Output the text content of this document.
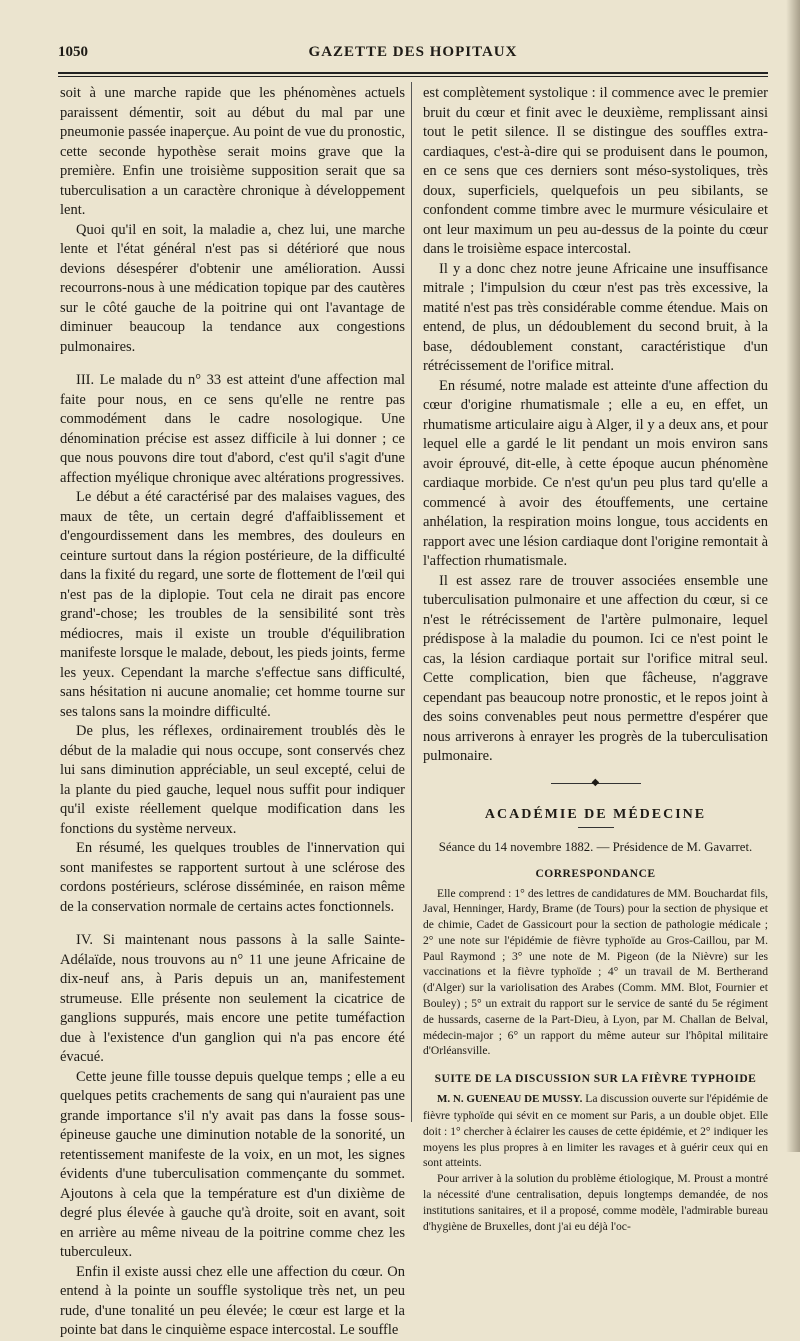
1050	GAZETTE DES HOPITAUX

soit à une marche rapide que les phénomènes actuels paraissent démentir, soit au début du mal par une pneumonie passée inaperçue. Au point de vue du pronostic, cette seconde hypothèse serait moins grave que la première. Enfin une troisième supposition serait que sa tuberculisation a un caractère chronique à développement lent.

Quoi qu'il en soit, la maladie a, chez lui, une marche lente et l'état général n'est pas si détérioré que nous devions désespérer d'obtenir une amélioration. Aussi recourrons-nous à une médication topique par des cautères sur le côté gauche de la poitrine qui ont l'avantage de diminuer beaucoup la tendance aux congestions pulmonaires.

III. Le malade du n° 33 est atteint d'une affection mal faite pour nous, en ce sens qu'elle ne rentre pas commodément dans le cadre nosologique. Une dénomination précise est assez difficile à lui donner ; ce que nous pouvons dire tout d'abord, c'est qu'il s'agit d'une affection myélique chronique avec altérations progressives.

Le début a été caractérisé par des malaises vagues, des maux de tête, un certain degré d'affaiblissement et d'engourdissement dans les membres, des douleurs en ceinture surtout dans la région postérieure, de la difficulté dans la fixité du regard, une sorte de flottement de l'œil qui n'est pas de la diplopie. Tout cela ne dirait pas encore grand'-chose; les troubles de la sensibilité sont très médiocres, mais il existe un trouble d'équilibration manifeste lorsque le malade, debout, les pieds joints, ferme les yeux. Cependant la marche s'effectue sans difficulté, sans hésitation ni aucune anomalie; cet homme tourne sur ses talons sans la moindre difficulté.

De plus, les réflexes, ordinairement troublés dès le début de la maladie qui nous occupe, sont conservés chez lui sans diminution appréciable, un seul excepté, celui de la plante du pied gauche, lequel nous suffit pour indiquer qu'il existe réellement quelque modification dans les fonctions du système nerveux.

En résumé, les quelques troubles de l'innervation qui sont manifestes se rapportent surtout à une sclérose des cordons postérieurs, sclérose disséminée, en raison même de la conservation normale de certains actes fonctionnels.

IV. Si maintenant nous passons à la salle Sainte-Adélaïde, nous trouvons au n° 11 une jeune Africaine de dix-neuf ans, à Paris depuis un an, manifestement strumeuse. Elle présente non seulement la cicatrice de ganglions suppurés, mais encore une petite tuméfaction due à l'existence d'un ganglion qui n'a pas encore été évacué.

Cette jeune fille tousse depuis quelque temps ; elle a eu quelques petits crachements de sang qui n'auraient pas une grande importance s'il n'y avait pas dans la fosse sous-épineuse gauche une diminution notable de la sonorité, un retentissement manifeste de la voix, en un mot, les signes évidents d'une tuberculisation commençante du sommet. Ajoutons à cela que la température est d'un dixième de degré plus élevée à gauche qu'à droite, soit en avant, soit en arrière au même niveau de la poitrine comme chez les tuberculeux.

Enfin il existe aussi chez elle une affection du cœur. On entend à la pointe un souffle systolique très net, un peu rude, d'une tonalité un peu élevée; le cœur est large et la pointe bat dans le cinquième espace intercostal. Le souffle

est complètement systolique : il commence avec le premier bruit du cœur et finit avec le deuxième, remplissant ainsi tout le petit silence. Il se distingue des souffles extra-cardiaques, c'est-à-dire qui se produisent dans le poumon, en ce sens que ces derniers sont méso-systoliques, très doux, superficiels, quelquefois un peu sibilants, se confondent comme timbre avec le murmure vésiculaire et ont leur maximum un peu au-dessus de la pointe du cœur dans le troisième espace intercostal.

Il y a donc chez notre jeune Africaine une insuffisance mitrale ; l'impulsion du cœur n'est pas très excessive, la matité n'est pas très considérable comme étendue. Mais on entend, de plus, un dédoublement du second bruit, à la base, dédoublement constant, caractéristique d'un rétrécissement de l'orifice mitral.

En résumé, notre malade est atteinte d'une affection du cœur d'origine rhumatismale ; elle a eu, en effet, un rhumatisme articulaire aigu à Alger, il y a deux ans, et pour lequel elle a gardé le lit pendant un mois environ sans avoir éprouvé, dit-elle, à cette époque aucun phénomène cardiaque morbide. Ce n'est qu'un peu plus tard qu'elle a commencé à avoir des étouffements, une certaine anhélation, la respiration moins longue, tous accidents en rapport avec une lésion cardiaque dont l'origine remontait à l'affection rhumatismale.

Il est assez rare de trouver associées ensemble une tuberculisation pulmonaire et une affection du cœur, si ce n'est le rétrécissement de l'artère pulmonaire, lequel prédispose à la maladie du poumon. Ici ce n'est point le cas, la lésion cardiaque portait sur l'orifice mitral seul. Cette complication, bien que fâcheuse, n'aggrave cependant pas beaucoup notre pronostic, et le repos joint à des soins convenables peut nous permettre d'espérer que nous arriverons à enrayer les progrès de la tuberculisation pulmonaire.

◆
ACADÉMIE DE MÉDECINE

Séance du 14 novembre 1882. — Présidence de M. Gavarret.

CORRESPONDANCE

Elle comprend : 1° des lettres de candidatures de MM. Bouchardat fils, Javal, Henninger, Hardy, Brame (de Tours) pour la section de physique et de chimie, Cadet de Gassicourt pour la section de pathologie médicale ; 2° une note sur l'épidémie de fièvre typhoïde au Gros-Caillou, par M. Paul Raymond ; 3° une note de M. Pigeon (de la Nièvre) sur les vaccinations et la fièvre typhoïde ; 4° un travail de M. Bertherand (d'Alger) sur la variolisation des Arabes (Comm. MM. Blot, Fournier et Bouley) ; 5° un extrait du rapport sur le service de santé du 5e régiment de hussards, caserne de la Part-Dieu, à Lyon, par M. Challan de Belval, médecin-major ; 6° un rapport du même auteur sur l'hôpital militaire d'Orléansville.

SUITE DE LA DISCUSSION SUR LA FIÈVRE TYPHOIDE

M. N. GUENEAU DE MUSSY. La discussion ouverte sur l'épidémie de fièvre typhoïde qui sévit en ce moment sur Paris, a un double objet. Elle doit : 1° chercher à éclairer les causes de cette épidémie, et 2° indiquer les moyens les plus propres à en limiter les ravages et à guérir ceux qui en sont atteints.

Pour arriver à la solution du problème étiologique, M. Proust a montré la nécessité d'une centralisation, depuis longtemps demandée, de nos institutions sanitaires, et il a proposé, comme modèle, l'admirable bureau d'hygiène de Bruxelles, dont j'ai eu déjà l'oc-
